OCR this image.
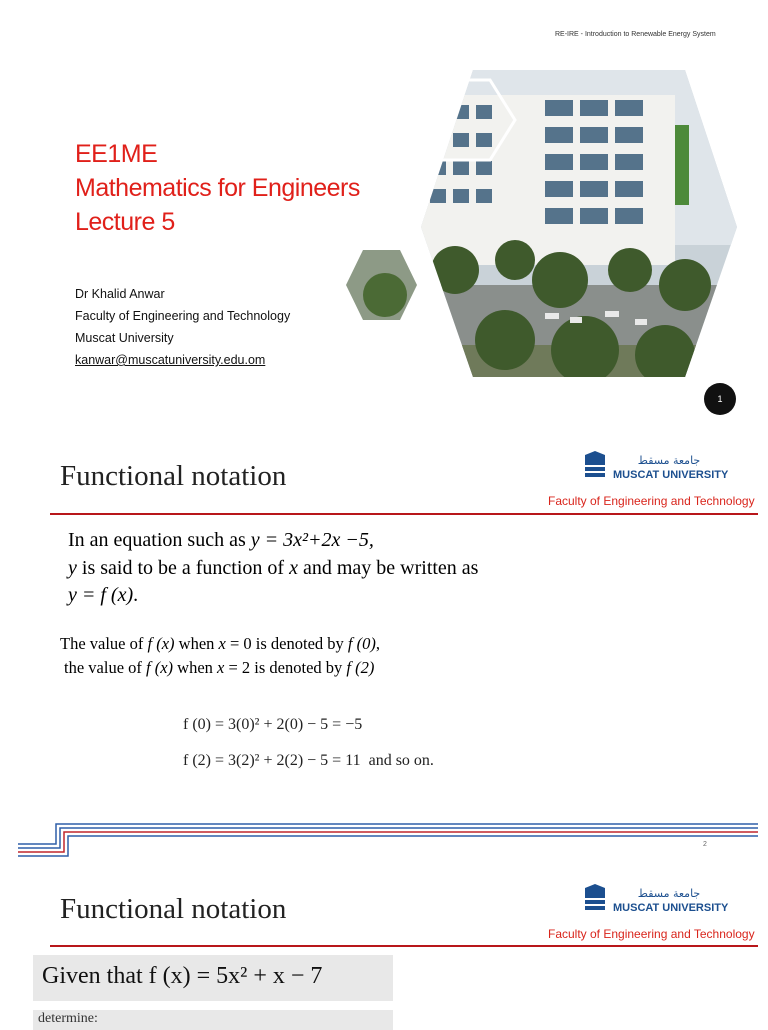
RE-IRE - Introduction to Renewable Energy System
EE1ME
Mathematics for Engineers
Lecture 5
Dr Khalid Anwar
Faculty of Engineering and Technology
Muscat University
kanwar@muscatuniversity.edu.om
1
Functional notation	جامعة مسقط
MUSCAT UNIVERSITY
Faculty of Engineering and Technology
In an equation such as y = 3x²+2x −5,
y is said to be a function of x and may be written as
y = f (x).
The value of f (x) when x = 0 is denoted by f (0),
the value of f (x) when x = 2 is denoted by f (2)
f (0) = 3(0)² + 2(0) − 5 = −5
f (2) = 3(2)² + 2(2) − 5 = 11 and so on.
2
Functional notation	جامعة مسقط
MUSCAT UNIVERSITY
Faculty of Engineering and Technology
Given that f (x) = 5x² + x − 7
determine:
